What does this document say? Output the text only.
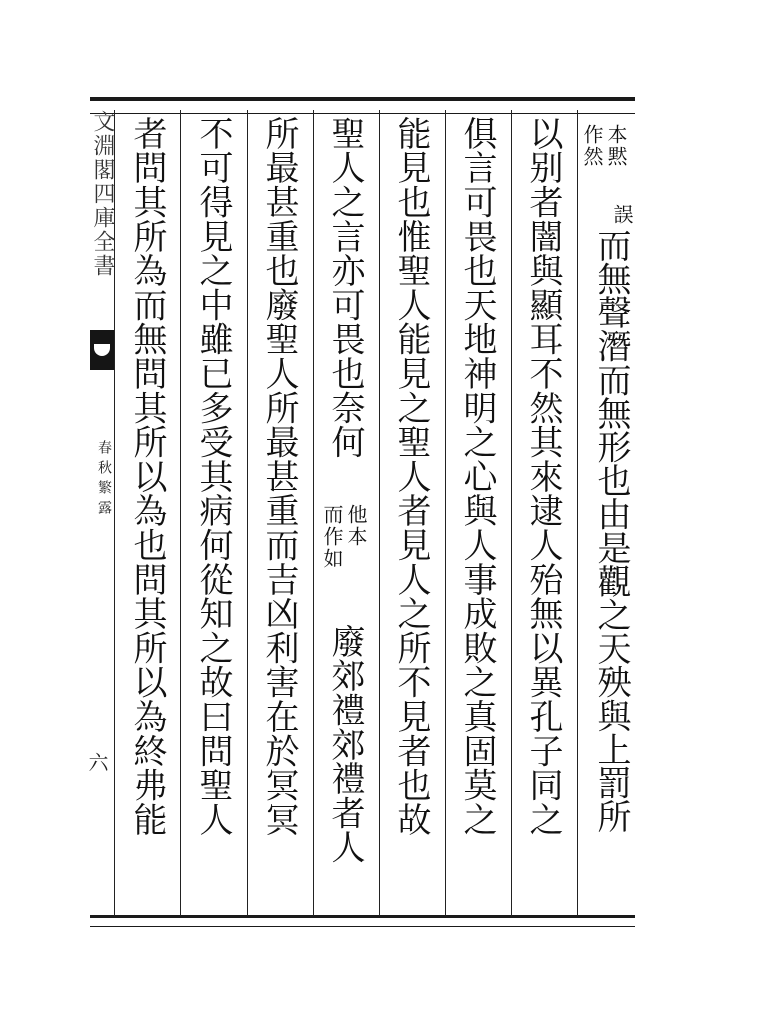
文淵閣四庫全書
春秋繁露
六
本黙
作然
誤
而無聲潛而無形也由是觀之天殃與上罰所
以别者闇與顯耳不然其來逮人殆無以異孔子同之
俱言可畏也天地神明之心與人事成敗之真固莫之
能見也惟聖人能見之聖人者見人之所不見者也故
聖人之言亦可畏也奈何
他本
而作如
廢郊禮郊禮者人
所最甚重也廢聖人所最甚重而吉凶利害在於冥冥
不可得見之中雖已多受其病何從知之故曰問聖人
者問其所為而無問其所以為也問其所以為終弗能
